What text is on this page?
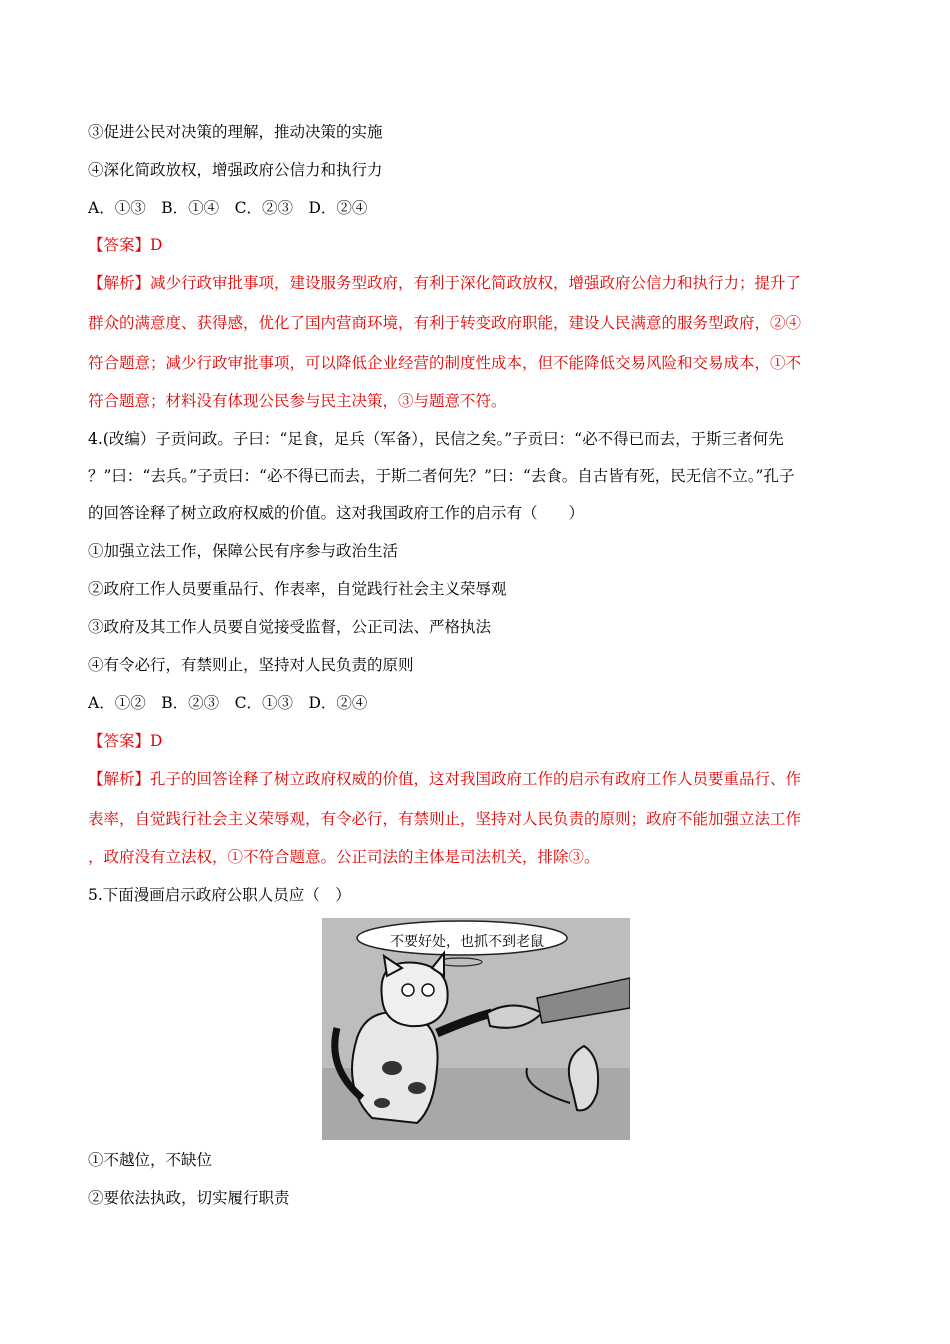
③促进公民对决策的理解，推动决策的实施
④深化简政放权，增强政府公信力和执行力
A．①③　B．①④　C．②③　D．②④
【答案】D
【解析】减少行政审批事项，建设服务型政府，有利于深化简政放权，增强政府公信力和执行力；提升了
群众的满意度、获得感，优化了国内营商环境，有利于转变政府职能，建设人民满意的服务型政府，②④
符合题意；减少行政审批事项，可以降低企业经营的制度性成本，但不能降低交易风险和交易成本，①不
符合题意；材料没有体现公民参与民主决策，③与题意不符。
4.(改编）子贡问政。子曰：“足食，足兵（军备），民信之矣。”子贡曰：“必不得已而去，于斯三者何先
？”曰：“去兵。”子贡曰：“必不得已而去，于斯二者何先？”曰：“去食。自古皆有死，民无信不立。”孔子
的回答诠释了树立政府权威的价值。这对我国政府工作的启示有（　　）
①加强立法工作，保障公民有序参与政治生活
②政府工作人员要重品行、作表率，自觉践行社会主义荣辱观
③政府及其工作人员要自觉接受监督，公正司法、严格执法
④有令必行，有禁则止，坚持对人民负责的原则
A．①②　B．②③　C．①③　D．②④
【答案】D
【解析】孔子的回答诠释了树立政府权威的价值，这对我国政府工作的启示有政府工作人员要重品行、作
表率，自觉践行社会主义荣辱观，有令必行，有禁则止，坚持对人民负责的原则；政府不能加强立法工作
，政府没有立法权，①不符合题意。公正司法的主体是司法机关，排除③。
5.下面漫画启示政府公职人员应（　）
不要好处，也抓不到老鼠
①不越位，不缺位
②要依法执政，切实履行职责
